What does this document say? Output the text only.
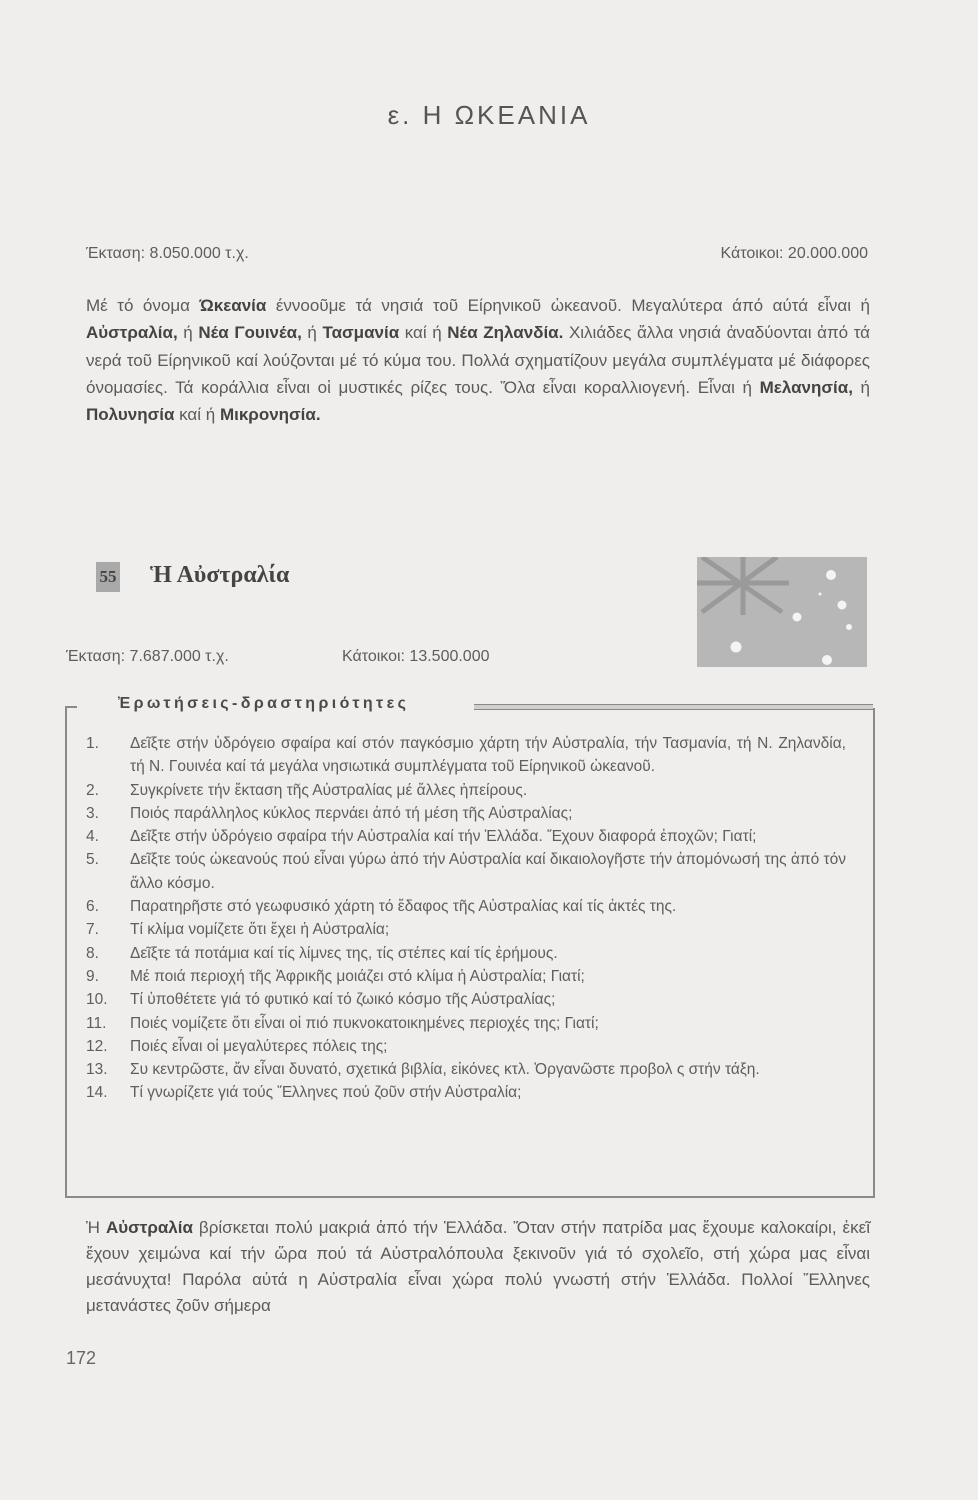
ε. Η ΩΚΕΑΝΙΑ
Έκταση: 8.050.000 τ.χ.	Κάτοικοι: 20.000.000
Μέ τό όνομα Ώκεανία έννοοῦμε τά νησιά τοῦ Είρηνικοῦ ὠκεανοῦ. Μεγαλύτερα άπό αύτά εἶναι ή Αὐστραλία, ή Νέα Γουινέα, ή Τασμανία καί ή Νέα Ζηλανδία. Χιλιάδες ἄλλα νησιά ἀναδύονται ἀπό τά νερά τοῦ Είρηνικοῦ καί λούζονται μέ τό κύμα του. Πολλά σχηματίζουν μεγάλα συμπλέγματα μέ διάφορες όνομασίες. Τά κοράλλια εἶναι οἱ μυστικές ρίζες τους. Ὅλα εἶναι κοραλλιογενή. Εἶναι ή Μελανησία, ή Πολυνησία καί ή Μικρονησία.
55 Ἡ Αὐστραλία
Έκταση: 7.687.000 τ.χ.	Κάτοικοι: 13.500.000
Ἐρωτήσεις-δραστηριότητες
1.	Δεῖξτε στήν ὑδρόγειο σφαίρα καί στόν παγκόσμιο χάρτη τήν Αὐστραλία, τήν Τασμανία, τή Ν. Ζηλανδία, τή Ν. Γουινέα καί τά μεγάλα νησιωτικά συμπλέγματα τοῦ Είρηνικοῦ ὠκεανοῦ.
2.	Συγκρίνετε τήν ἔκταση τῆς Αὐστραλίας μέ ἄλλες ἠπείρους.
3.	Ποιός παράλληλος κύκλος περνάει ἀπό τή μέση τῆς Αὐστραλίας;
4.	Δεῖξτε στήν ὑδρόγειο σφαίρα τήν Αὐστραλία καί τήν Ἑλλάδα. Ἔχουν διαφορά ἐποχῶν; Γιατί;
5.	Δεῖξτε τούς ὠκεανούς πού εἶναι γύρω ἀπό τήν Αὐστραλία καί δικαιολογῆστε τήν ἀπομόνωσή της ἀπό τόν ἄλλο κόσμο.
6.	Παρατηρῆστε στό γεωφυσικό χάρτη τό ἔδαφος τῆς Αὐστραλίας καί τίς ἀκτές της.
7.	Τί κλίμα νομίζετε ὅτι ἔχει ἡ Αὐστραλία;
8.	Δεῖξτε τά ποτάμια καί τίς λίμνες της, τίς στέπες καί τίς ἐρήμους.
9.	Μέ ποιά περιοχή τῆς Ἀφρικῆς μοιάζει στό κλίμα ἡ Αὐστραλία; Γιατί;
10.	Τί ὑποθέτετε γιά τό φυτικό καί τό ζωικό κόσμο τῆς Αὐστραλίας;
11.	Ποιές νομίζετε ὅτι εἶναι οἱ πιό πυκνοκατοικημένες περιοχές της; Γιατί;
12.	Ποιές εἶναι οἱ μεγαλύτερες πόλεις της;
13.	Συ κεντρῶστε, ἄν εἶναι δυνατό, σχετικά βιβλία, εἰκόνες κτλ. Ὀργανῶστε προβολ ς στήν τάξη.
14.	Τί γνωρίζετε γιά τούς Ἕλληνες πού ζοῦν στήν Αὐστραλία;
Ἡ Αὐστραλία βρίσκεται πολύ μακριά ἀπό τήν Ἑλλάδα. Ὅταν στήν πατρίδα μας ἔχουμε καλοκαίρι, ἐκεῖ ἔχουν χειμώνα καί τήν ὥρα πού τά Αὐστραλόπουλα ξεκινοῦν γιά τό σχολεῖο, στή χώρα μας εἶναι μεσάνυχτα! Παρόλα αὐτά η Αὐστραλία εἶναι χώρα πολύ γνωστή στήν Ἑλλάδα. Πολλοί Ἕλληνες μετανάστες ζοῦν σήμερα
172
